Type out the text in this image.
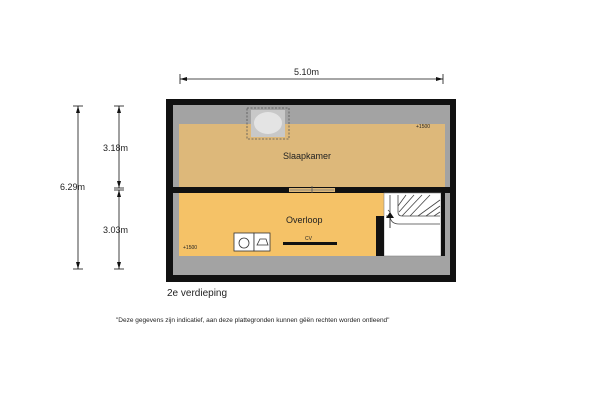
5.10m
6.29m
3.18m
3.03m
Slaapkamer
Overloop
+1500
+1500
CV
2e verdieping
"Deze gegevens zijn indicatief, aan deze plattegronden kunnen gёёn rechten worden ontleend"
